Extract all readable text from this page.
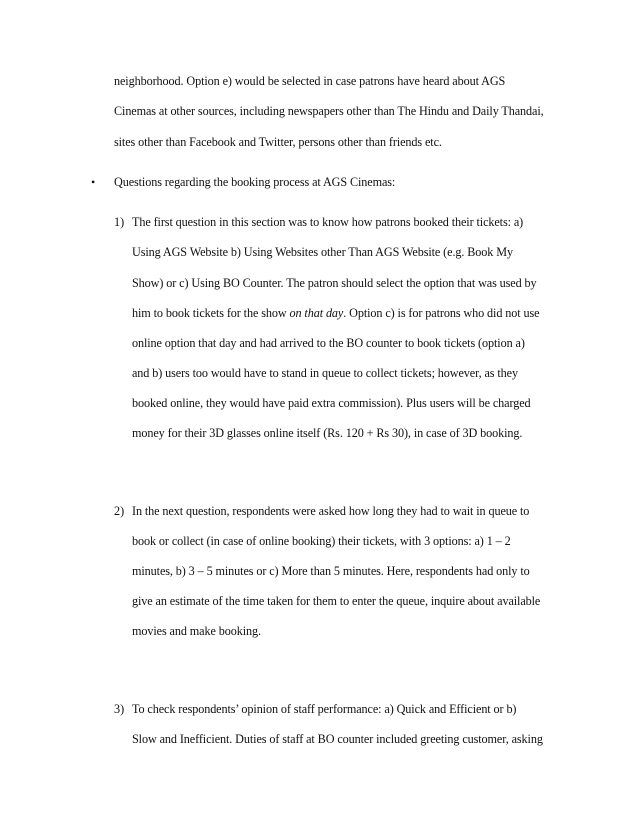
neighborhood. Option e) would be selected in case patrons have heard about AGS
Cinemas at other sources, including newspapers other than The Hindu and Daily Thandai,
sites other than Facebook and Twitter, persons other than friends etc.
• Questions regarding the booking process at AGS Cinemas:
1) The first question in this section was to know how patrons booked their tickets: a)
Using AGS Website b) Using Websites other Than AGS Website (e.g. Book My
Show) or c) Using BO Counter. The patron should select the option that was used by
him to book tickets for the show on that day. Option c) is for patrons who did not use
online option that day and had arrived to the BO counter to book tickets (option a)
and b) users too would have to stand in queue to collect tickets; however, as they
booked online, they would have paid extra commission). Plus users will be charged
money for their 3D glasses online itself (Rs. 120 + Rs 30), in case of 3D booking.
2) In the next question, respondents were asked how long they had to wait in queue to
book or collect (in case of online booking) their tickets, with 3 options: a) 1 – 2
minutes, b) 3 – 5 minutes or c) More than 5 minutes. Here, respondents had only to
give an estimate of the time taken for them to enter the queue, inquire about available
movies and make booking.
3) To check respondents’ opinion of staff performance: a) Quick and Efficient or b)
Slow and Inefficient. Duties of staff at BO counter included greeting customer, asking
